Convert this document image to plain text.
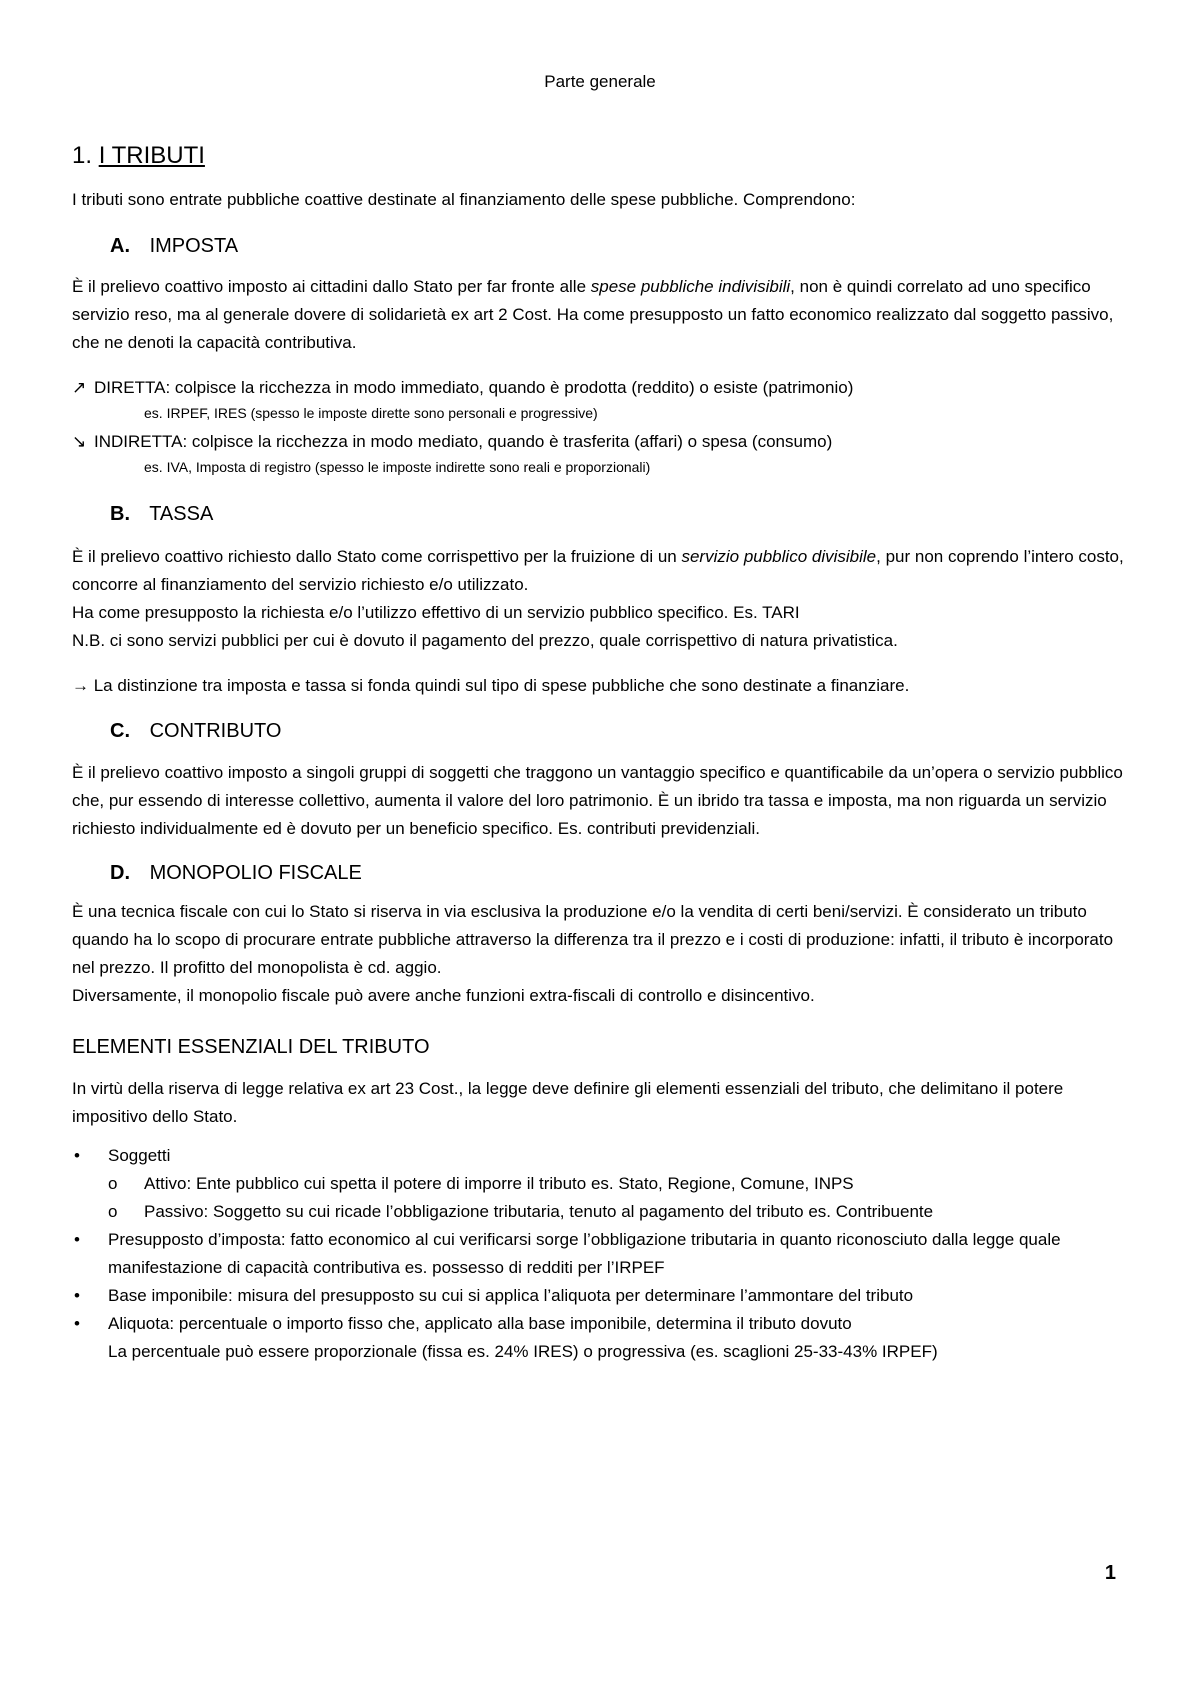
Parte generale
1. I TRIBUTI
I tributi sono entrate pubbliche coattive destinate al finanziamento delle spese pubbliche. Comprendono:
A. IMPOSTA
È il prelievo coattivo imposto ai cittadini dallo Stato per far fronte alle spese pubbliche indivisibili, non è quindi correlato ad uno specifico servizio reso, ma al generale dovere di solidarietà ex art 2 Cost. Ha come presupposto un fatto economico realizzato dal soggetto passivo, che ne denoti la capacità contributiva.
↗ DIRETTA: colpisce la ricchezza in modo immediato, quando è prodotta (reddito) o esiste (patrimonio)
es. IRPEF, IRES (spesso le imposte dirette sono personali e progressive)
↘ INDIRETTA: colpisce la ricchezza in modo mediato, quando è trasferita (affari) o spesa (consumo)
es. IVA, Imposta di registro (spesso le imposte indirette sono reali e proporzionali)
B. TASSA
È il prelievo coattivo richiesto dallo Stato come corrispettivo per la fruizione di un servizio pubblico divisibile, pur non coprendo l’intero costo, concorre al finanziamento del servizio richiesto e/o utilizzato.
Ha come presupposto la richiesta e/o l’utilizzo effettivo di un servizio pubblico specifico. Es. TARI
N.B. ci sono servizi pubblici per cui è dovuto il pagamento del prezzo, quale corrispettivo di natura privatistica.
→ La distinzione tra imposta e tassa si fonda quindi sul tipo di spese pubbliche che sono destinate a finanziare.
C. CONTRIBUTO
È il prelievo coattivo imposto a singoli gruppi di soggetti che traggono un vantaggio specifico e quantificabile da un’opera o servizio pubblico che, pur essendo di interesse collettivo, aumenta il valore del loro patrimonio. È un ibrido tra tassa e imposta, ma non riguarda un servizio richiesto individualmente ed è dovuto per un beneficio specifico. Es. contributi previdenziali.
D. MONOPOLIO FISCALE
È una tecnica fiscale con cui lo Stato si riserva in via esclusiva la produzione e/o la vendita di certi beni/servizi. È considerato un tributo quando ha lo scopo di procurare entrate pubbliche attraverso la differenza tra il prezzo e i costi di produzione: infatti, il tributo è incorporato nel prezzo. Il profitto del monopolista è cd. aggio.
Diversamente, il monopolio fiscale può avere anche funzioni extra-fiscali di controllo e disincentivo.
ELEMENTI ESSENZIALI DEL TRIBUTO
In virtù della riserva di legge relativa ex art 23 Cost., la legge deve definire gli elementi essenziali del tributo, che delimitano il potere impositivo dello Stato.
• Soggetti
o Attivo: Ente pubblico cui spetta il potere di imporre il tributo es. Stato, Regione, Comune, INPS
o Passivo: Soggetto su cui ricade l’obbligazione tributaria, tenuto al pagamento del tributo es. Contribuente
• Presupposto d’imposta: fatto economico al cui verificarsi sorge l’obbligazione tributaria in quanto riconosciuto dalla legge quale manifestazione di capacità contributiva es. possesso di redditi per l’IRPEF
• Base imponibile: misura del presupposto su cui si applica l’aliquota per determinare l’ammontare del tributo
• Aliquota: percentuale o importo fisso che, applicato alla base imponibile, determina il tributo dovuto
La percentuale può essere proporzionale (fissa es. 24% IRES) o progressiva (es. scaglioni 25-33-43% IRPEF)
1
